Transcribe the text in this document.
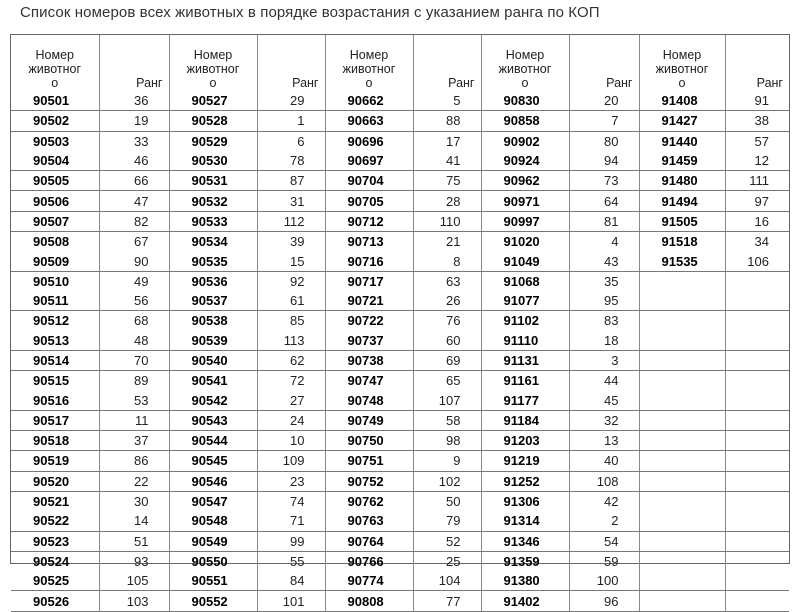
Список номеров всех животных в порядке возрастания с указанием ранга по КОП
Номер
животног
о	Ранг	Номер
животног
о	Ранг	Номер
животног
о	Ранг	Номер
животног
о	Ранг	Номер
животног
о	Ранг
90501	36	90527	29	90662	5	90830	20	91408	91
90502	19	90528	1	90663	88	90858	7	91427	38
90503	33	90529	6	90696	17	90902	80	91440	57
90504	46	90530	78	90697	41	90924	94	91459	12
90505	66	90531	87	90704	75	90962	73	91480	111
90506	47	90532	31	90705	28	90971	64	91494	97
90507	82	90533	112	90712	110	90997	81	91505	16
90508	67	90534	39	90713	21	91020	4	91518	34
90509	90	90535	15	90716	8	91049	43	91535	106
90510	49	90536	92	90717	63	91068	35		
90511	56	90537	61	90721	26	91077	95		
90512	68	90538	85	90722	76	91102	83		
90513	48	90539	113	90737	60	91110	18		
90514	70	90540	62	90738	69	91131	3		
90515	89	90541	72	90747	65	91161	44		
90516	53	90542	27	90748	107	91177	45		
90517	11	90543	24	90749	58	91184	32		
90518	37	90544	10	90750	98	91203	13		
90519	86	90545	109	90751	9	91219	40		
90520	22	90546	23	90752	102	91252	108		
90521	30	90547	74	90762	50	91306	42		
90522	14	90548	71	90763	79	91314	2		
90523	51	90549	99	90764	52	91346	54		
90524	93	90550	55	90766	25	91359	59		
90525	105	90551	84	90774	104	91380	100		
90526	103	90552	101	90808	77	91402	96		
